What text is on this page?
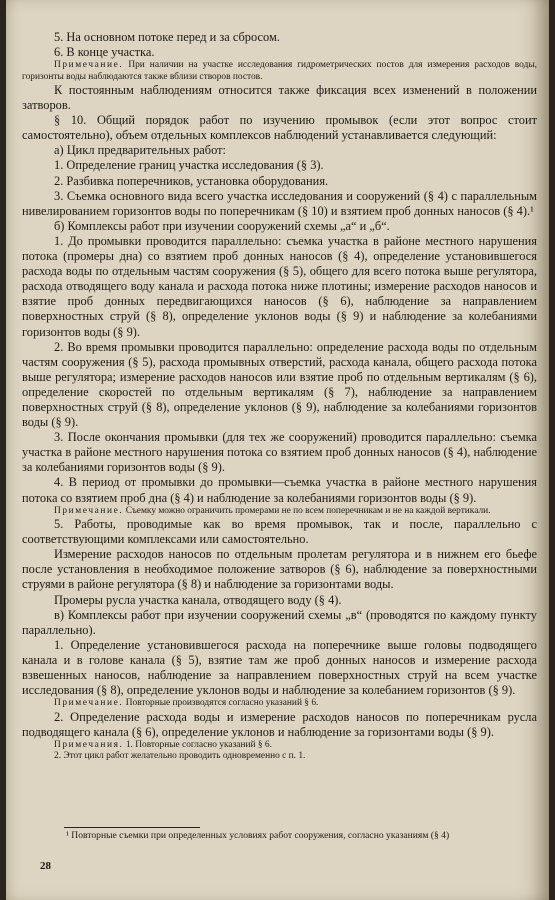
5. На основном потоке перед и за сбросом.

6. В конце участка.

Примечание. При наличии на участке исследования гидрометрических постов для измерения расходов воды, горизонты воды наблюдаются также вблизи створов постов.

К постоянным наблюдениям относится также фиксация всех изменений в положении затворов.

§ 10. Общий порядок работ по изучению промывок (если этот вопрос стоит самостоятельно), объем отдельных комплексов наблюдений устанавливается следующий:

а) Цикл предварительных работ:

1. Определение границ участка исследования (§ 3).

2. Разбивка поперечников, установка оборудования.

3. Съемка основного вида всего участка исследования и сооружений (§ 4) с параллельным нивелированием горизонтов воды по поперечникам (§ 10) и взятием проб донных наносов (§ 4).¹

б) Комплексы работ при изучении сооружений схемы „а“ и „б“.

1. До промывки проводится параллельно: съемка участка в районе местного нарушения потока (промеры дна) со взятием проб донных наносов (§ 4), определение установившегося расхода воды по отдельным частям сооружения (§ 5), общего для всего потока выше регулятора, расхода отводящего воду канала и расхода потока ниже плотины; измерение расходов наносов и взятие проб донных передвигающихся наносов (§ 6), наблюдение за направлением поверхностных струй (§ 8), определение уклонов воды (§ 9) и наблюдение за колебаниями горизонтов воды (§ 9).

2. Во время промывки проводится параллельно: определение расхода воды по отдельным частям сооружения (§ 5), расхода промывных отверстий, расхода канала, общего расхода потока выше регулятора; измерение расходов наносов или взятие проб по отдельным вертикалям (§ 6), определение скоростей по отдельным вертикалям (§ 7), наблюдение за направлением поверхностных струй (§ 8), определение уклонов (§ 9), наблюдение за колебаниями горизонтов воды (§ 9).

3. После окончания промывки (для тех же сооружений) проводится параллельно: съемка участка в районе местного нарушения потока со взятием проб донных наносов (§ 4), наблюдение за колебаниями горизонтов воды (§ 9).

4. В период от промывки до промывки—съемка участка в районе местного нарушения потока со взятием проб дна (§ 4) и наблюдение за колебаниями горизонтов воды (§ 9).

Примечание. Съемку можно ограничить промерами не по всем поперечникам и не на каждой вертикали.

5. Работы, проводимые как во время промывок, так и после, параллельно с соответствующими комплексами или самостоятельно.

Измерение расходов наносов по отдельным пролетам регулятора и в нижнем его бьефе после установления в необходимое положение затворов (§ 6), наблюдение за поверхностными струями в районе регулятора (§ 8) и наблюдение за горизонтами воды.

Промеры русла участка канала, отводящего воду (§ 4).

в) Комплексы работ при изучении сооружений схемы „в“ (проводятся по каждому пункту параллельно).

1. Определение установившегося расхода на поперечнике выше головы подводящего канала и в голове канала (§ 5), взятие там же проб донных наносов и измерение расхода взвешенных наносов, наблюдение за направлением поверхностных струй на всем участке исследования (§ 8), определение уклонов воды и наблюдение за колебанием горизонтов (§ 9).

Примечание. Повторные производятся согласно указаний § 6.

2. Определение расхода воды и измерение расходов наносов по поперечникам русла подводящего канала (§ 6), определение уклонов и наблюдение за горизонтами воды (§ 9).

Примечания. 1. Повторные согласно указаний § 6.

2. Этот цикл работ желательно проводить одновременно с п. 1.

¹ Повторные съемки при определенных условиях работ сооружения, согласно указаниям (§ 4)
28
